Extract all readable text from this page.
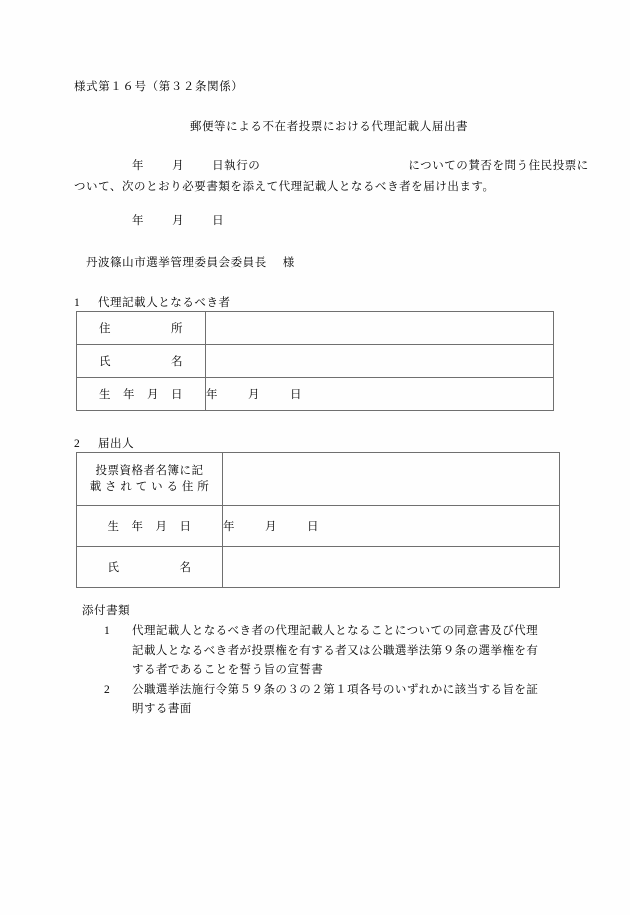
様式第１６号（第３２条関係）
郵便等による不在者投票における代理記載人届出書
年 月 日執行の	についての賛否を問う住民投票に
ついて、次のとおり必要書類を添えて代理記載人となるべき者を届け出ます。
年 月 日
丹波篠山市選挙管理委員会委員長 様
1 代理記載人となるべき者
住　　　　　所	
氏　　　　　名	
生　年　月　日	年 月 日
2 届出人
投票資格者名簿に記
載 さ れ て い る 住 所	

生　年　月　日	年 月 日
氏　　　　　名	
添付書類
1 代理記載人となるべき者の代理記載人となることについての同意書及び代理記載人となるべき者が投票権を有する者又は公職選挙法第９条の選挙権を有する者であることを誓う旨の宣誓書
2 公職選挙法施行令第５９条の３の２第１項各号のいずれかに該当する旨を証明する書面
